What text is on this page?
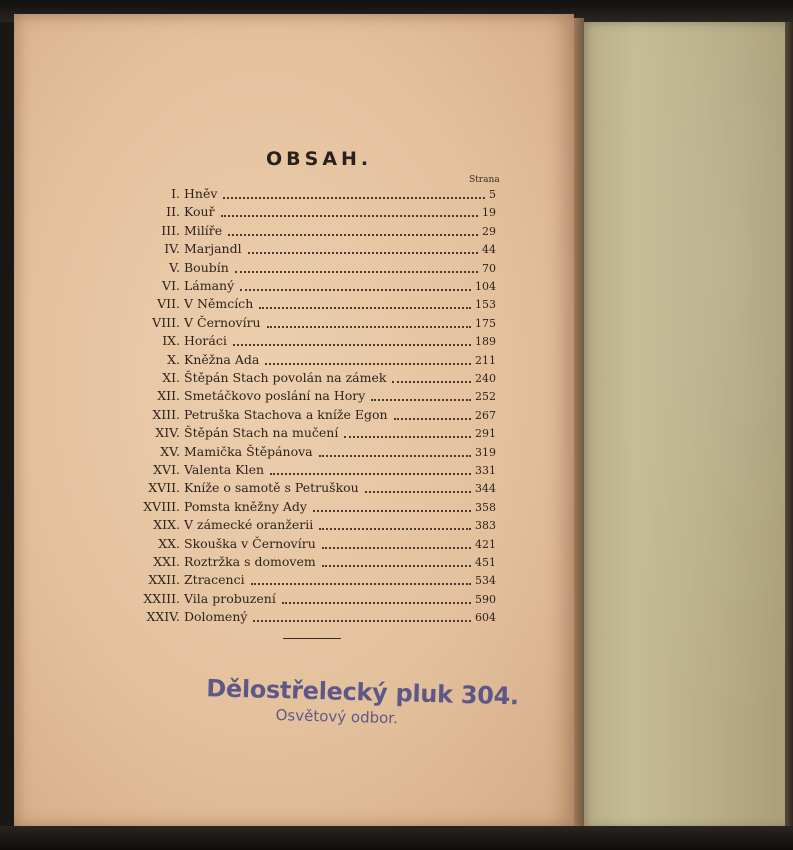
OBSAH.
Strana
I. Hněv	5
II. Kouř	19
III. Milíře	29
IV. Marjandl	44
V. Boubín	70
VI. Lámaný	104
VII. V Němcích	153
VIII. V Černovíru	175
IX. Horáci	189
X. Kněžna Ada	211
XI. Štěpán Stach povolán na zámek	240
XII. Smetáčkovo poslání na Hory	252
XIII. Petruška Stachova a kníže Egon	267
XIV. Štěpán Stach na mučení	291
XV. Mamička Štěpánova	319
XVI. Valenta Klen	331
XVII. Kníže o samotě s Petruškou	344
XVIII. Pomsta kněžny Ady	358
XIX. V zámecké oranžerii	383
XX. Skouška v Černovíru	421
XXI. Roztržka s domovem	451
XXII. Ztracenci	534
XXIII. Vila probuzení	590
XXIV. Dolomený	604
Dělostřelecký pluk 304.
Osvětový odbor.
